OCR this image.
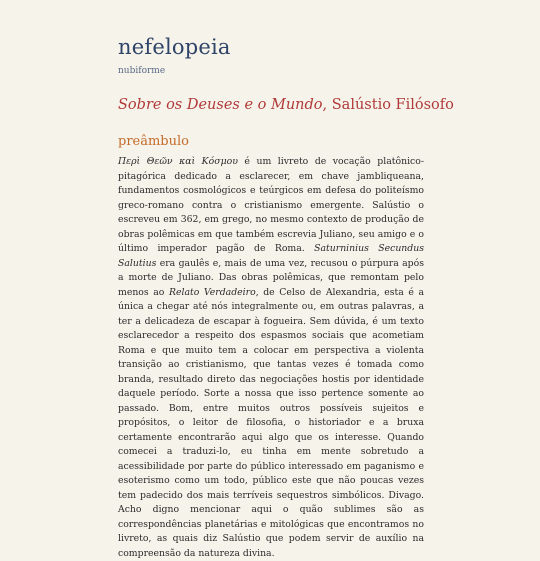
nefelopeia
nubiforme
Sobre os Deuses e o Mundo, Salústio Filósofo
preâmbulo
Περὶ Θεῶν καὶ Κόσμου é um livreto de vocação platônico-pitagórica dedicado a esclarecer, em chave jambliqueana, fundamentos cosmológicos e teúrgicos em defesa do politeísmo greco-romano contra o cristianismo emergente. Salústio o escreveu em 362, em grego, no mesmo contexto de produção de obras polêmicas em que também escrevia Juliano, seu amigo e o último imperador pagão de Roma. Saturninius Secundus Salutius era gaulês e, mais de uma vez, recusou o púrpura após a morte de Juliano. Das obras polêmicas, que remontam pelo menos ao Relato Verdadeiro, de Celso de Alexandria, esta é a única a chegar até nós integralmente ou, em outras palavras, a ter a delicadeza de escapar à fogueira. Sem dúvida, é um texto esclarecedor a respeito dos espasmos sociais que acometiam Roma e que muito tem a colocar em perspectiva a violenta transição ao cristianismo, que tantas vezes é tomada como branda, resultado direto das negociações hostis por identidade daquele período. Sorte a nossa que isso pertence somente ao passado. Bom, entre muitos outros possíveis sujeitos e propósitos, o leitor de filosofia, o historiador e a bruxa certamente encontrarão aqui algo que os interesse. Quando comecei a traduzi-lo, eu tinha em mente sobretudo a acessibilidade por parte do público interessado em paganismo e esoterismo como um todo, público este que não poucas vezes tem padecido dos mais terríveis sequestros simbólicos. Divago. Acho digno mencionar aqui o quão sublimes são as correspondências planetárias e mitológicas que encontramos no livreto, as quais diz Salústio que podem servir de auxílio na compreensão da natureza divina.
